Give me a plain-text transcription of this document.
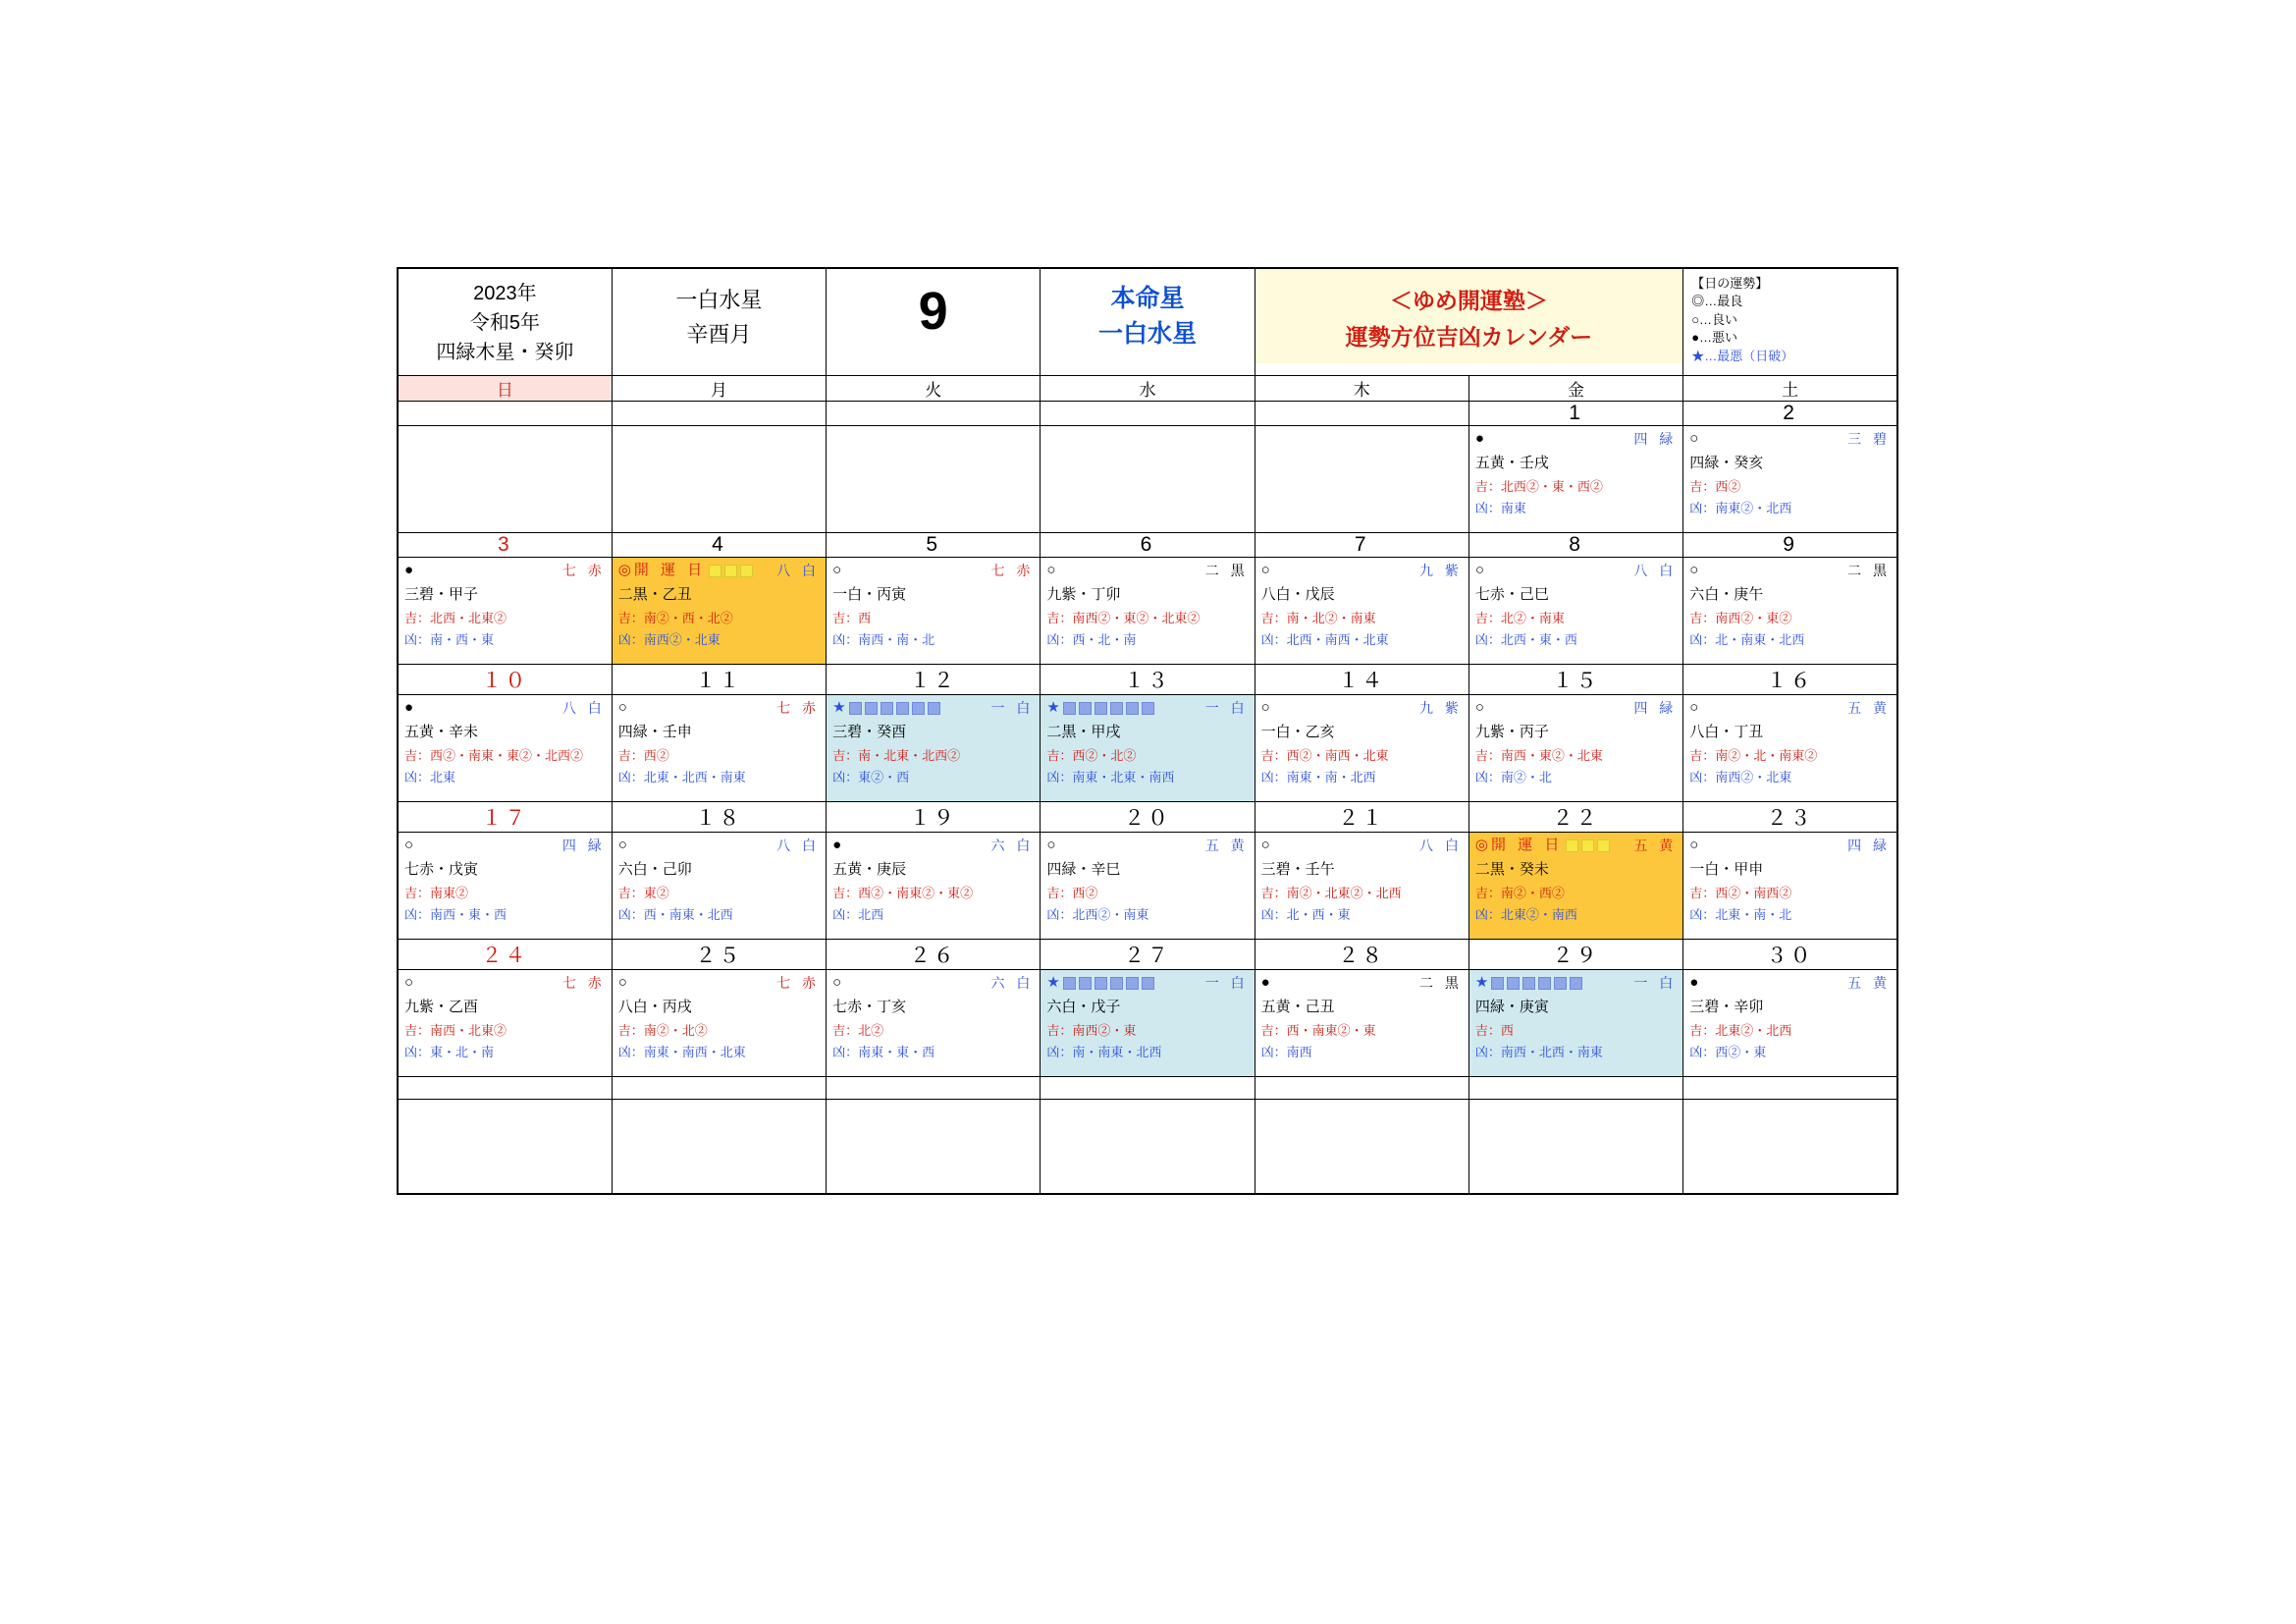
2023年
令和5年
四緑木星・癸卯

一白水星
辛酉月	9	本命星
一白水星

＜ゆめ開運塾＞
運勢方位吉凶カレンダー

【日の運勢】
◎…最良
○…良い
●…悪い
★…最悪（日破）

日	月	火	水	木	金	土
					1	2

●	四 緑
五黄・壬戌
吉：北西②・東・西②
凶：南東

○	三 碧
四緑・癸亥
吉：西②
凶：南東②・北西

3	4	5	6	7	8	9

●	七 赤
三碧・甲子
吉：北西・北東②
凶：南・西・東

◎ 開 運 日	八 白
二黒・乙丑
吉：南②・西・北②
凶：南西②・北東

○	七 赤
一白・丙寅
吉：西
凶：南西・南・北

○	二 黒
九紫・丁卯
吉：南西②・東②・北東②
凶：西・北・南

○	九 紫
八白・戊辰
吉：南・北②・南東
凶：北西・南西・北東

○	八 白
七赤・己巳
吉：北②・南東
凶：北西・東・西

○	二 黒
六白・庚午
吉：南西②・東②
凶：北・南東・北西

１０	１１	１２	１３	１４	１５	１６

●	八 白
五黄・辛未
吉：西②・南東・東②・北西②
凶：北東

○	七 赤
四緑・壬申
吉：西②
凶：北東・北西・南東

★	一 白
三碧・癸酉
吉：南・北東・北西②
凶：東②・西

★	一 白
二黒・甲戌
吉：西②・北②
凶：南東・北東・南西

○	九 紫
一白・乙亥
吉：西②・南西・北東
凶：南東・南・北西

○	四 緑
九紫・丙子
吉：南西・東②・北東
凶：南②・北

○	五 黄
八白・丁丑
吉：南②・北・南東②
凶：南西②・北東

１７	１８	１９	２０	２１	２２	２３

○	四 緑
七赤・戊寅
吉：南東②
凶：南西・東・西

○	八 白
六白・己卯
吉：東②
凶：西・南東・北西

●	六 白
五黄・庚辰
吉：西②・南東②・東②
凶：北西

○	五 黄
四緑・辛巳
吉：西②
凶：北西②・南東

○	八 白
三碧・壬午
吉：南②・北東②・北西
凶：北・西・東

◎ 開 運 日	五 黄
二黒・癸未
吉：南②・西②
凶：北東②・南西

○	四 緑
一白・甲申
吉：西②・南西②
凶：北東・南・北

２４	２５	２６	２７	２８	２９	３０

○	七 赤
九紫・乙酉
吉：南西・北東②
凶：東・北・南

○	七 赤
八白・丙戌
吉：南②・北②
凶：南東・南西・北東

○	六 白
七赤・丁亥
吉：北②
凶：南東・東・西

★	一 白
六白・戊子
吉：南西②・東
凶：南・南東・北西

●	二 黒
五黄・己丑
吉：西・南東②・東
凶：南西

★	一 白
四緑・庚寅
吉：西
凶：南西・北西・南東

●	五 黄
三碧・辛卯
吉：北東②・北西
凶：西②・東
